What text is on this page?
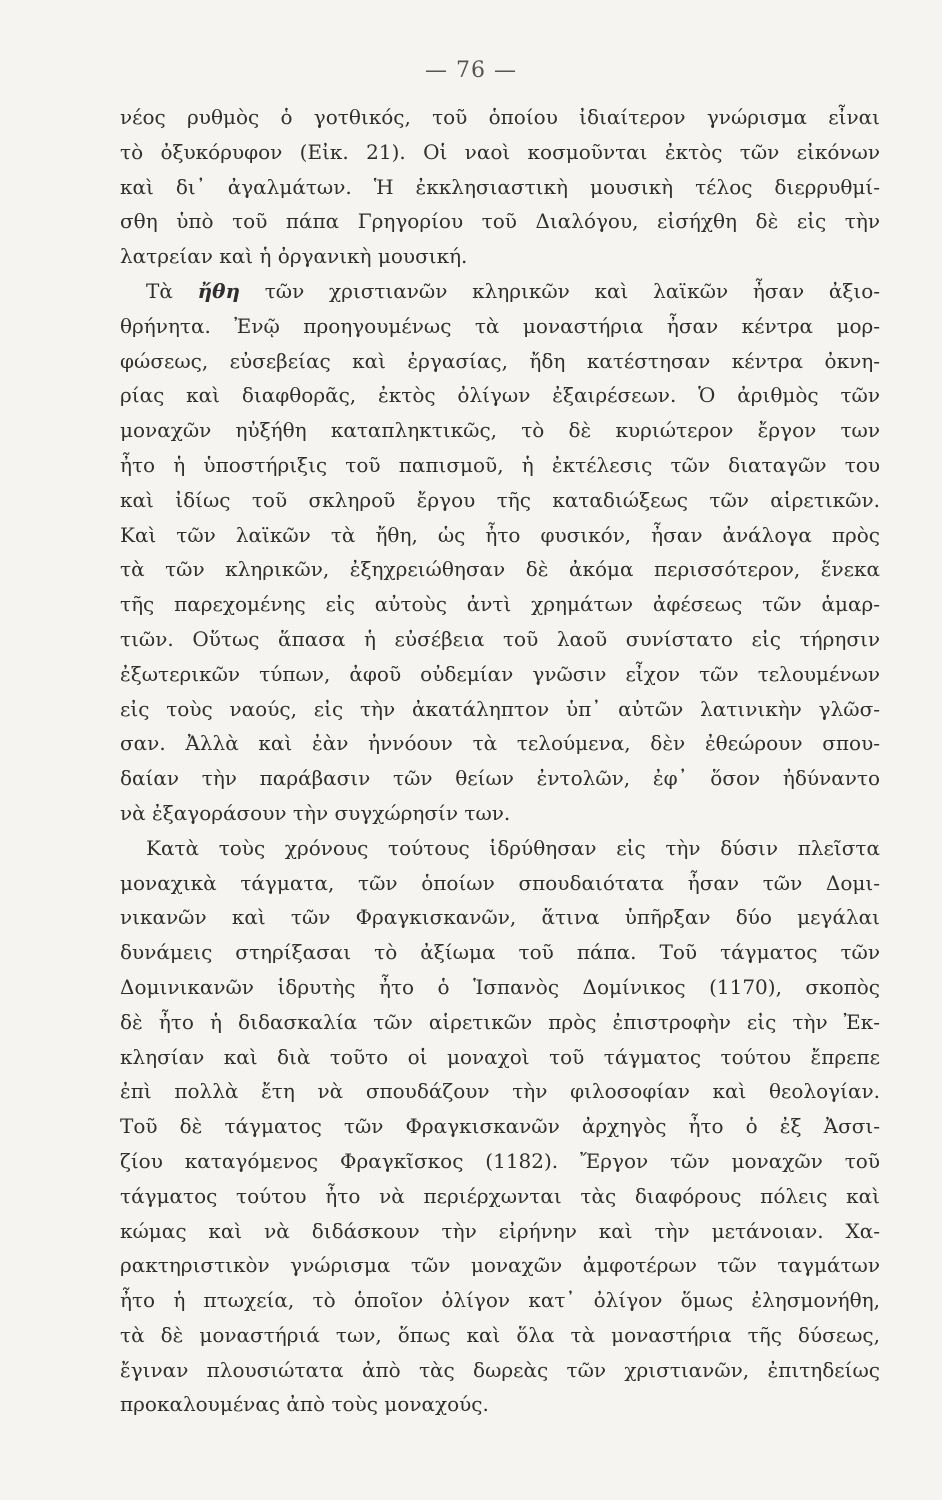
— 76 —
νέος ρυθμὸς ὁ γοτθικός, τοῦ ὁποίου ἰδιαίτερον γνώρισμα εἶναι
τὸ ὀξυκόρυφον (Εἰκ. 21). Οἱ ναοὶ κοσμοῦνται ἐκτὸς τῶν εἰκόνων
καὶ δι᾽ ἀγαλμάτων. Ἡ ἐκκλησιαστικὴ μουσικὴ τέλος διερρυθμί-
σθη ὑπὸ τοῦ πάπα Γρηγορίου τοῦ Διαλόγου, εἰσήχθη δὲ εἰς τὴν
λατρείαν καὶ ἡ ὀργανικὴ μουσική.
Τὰ ἤθη τῶν χριστιανῶν κληρικῶν καὶ λαϊκῶν ἦσαν ἀξιο-
θρήνητα. Ἐνῷ προηγουμένως τὰ μοναστήρια ἦσαν κέντρα μορ-
φώσεως, εὐσεβείας καὶ ἐργασίας, ἤδη κατέστησαν κέντρα ὀκνη-
ρίας καὶ διαφθορᾶς, ἐκτὸς ὀλίγων ἐξαιρέσεων. Ὁ ἀριθμὸς τῶν
μοναχῶν ηὐξήθη καταπληκτικῶς, τὸ δὲ κυριώτερον ἔργον των
ἦτο ἡ ὑποστήριξις τοῦ παπισμοῦ, ἡ ἐκτέλεσις τῶν διαταγῶν του
καὶ ἰδίως τοῦ σκληροῦ ἔργου τῆς καταδιώξεως τῶν αἱρετικῶν.
Καὶ τῶν λαϊκῶν τὰ ἤθη, ὡς ἦτο φυσικόν, ἦσαν ἀνάλογα πρὸς
τὰ τῶν κληρικῶν, ἐξηχρειώθησαν δὲ ἀκόμα περισσότερον, ἕνεκα
τῆς παρεχομένης εἰς αὐτοὺς ἀντὶ χρημάτων ἀφέσεως τῶν ἁμαρ-
τιῶν. Οὕτως ἅπασα ἡ εὐσέβεια τοῦ λαοῦ συνίστατο εἰς τήρησιν
ἐξωτερικῶν τύπων, ἀφοῦ οὐδεμίαν γνῶσιν εἶχον τῶν τελουμένων
εἰς τοὺς ναούς, εἰς τὴν ἀκατάληπτον ὑπ᾽ αὐτῶν λατινικὴν γλῶσ-
σαν. Ἀλλὰ καὶ ἐὰν ἠννόουν τὰ τελούμενα, δὲν ἐθεώρουν σπου-
δαίαν τὴν παράβασιν τῶν θείων ἐντολῶν, ἐφ᾽ ὅσον ἠδύναντο
νὰ ἐξαγοράσουν τὴν συγχώρησίν των.
Κατὰ τοὺς χρόνους τούτους ἱδρύθησαν εἰς τὴν δύσιν πλεῖστα
μοναχικὰ τάγματα, τῶν ὁποίων σπουδαιότατα ἦσαν τῶν Δομι-
νικανῶν καὶ τῶν Φραγκισκανῶν, ἅτινα ὑπῆρξαν δύο μεγάλαι
δυνάμεις στηρίξασαι τὸ ἀξίωμα τοῦ πάπα. Τοῦ τάγματος τῶν
Δομινικανῶν ἱδρυτὴς ἦτο ὁ Ἱσπανὸς Δομίνικος (1170), σκοπὸς
δὲ ἦτο ἡ διδασκαλία τῶν αἱρετικῶν πρὸς ἐπιστροφὴν εἰς τὴν Ἐκ-
κλησίαν καὶ διὰ τοῦτο οἱ μοναχοὶ τοῦ τάγματος τούτου ἔπρεπε
ἐπὶ πολλὰ ἔτη νὰ σπουδάζουν τὴν φιλοσοφίαν καὶ θεολογίαν.
Τοῦ δὲ τάγματος τῶν Φραγκισκανῶν ἀρχηγὸς ἦτο ὁ ἐξ Ἀσσι-
ζίου καταγόμενος Φραγκῖσκος (1182). Ἔργον τῶν μοναχῶν τοῦ
τάγματος τούτου ἦτο νὰ περιέρχωνται τὰς διαφόρους πόλεις καὶ
κώμας καὶ νὰ διδάσκουν τὴν εἰρήνην καὶ τὴν μετάνοιαν. Χα-
ρακτηριστικὸν γνώρισμα τῶν μοναχῶν ἀμφοτέρων τῶν ταγμάτων
ἦτο ἡ πτωχεία, τὸ ὁποῖον ὀλίγον κατ᾽ ὀλίγον ὅμως ἐλησμονήθη,
τὰ δὲ μοναστήριά των, ὅπως καὶ ὅλα τὰ μοναστήρια τῆς δύσεως,
ἔγιναν πλουσιώτατα ἀπὸ τὰς δωρεὰς τῶν χριστιανῶν, ἐπιτηδείως
προκαλουμένας ἀπὸ τοὺς μοναχούς.
